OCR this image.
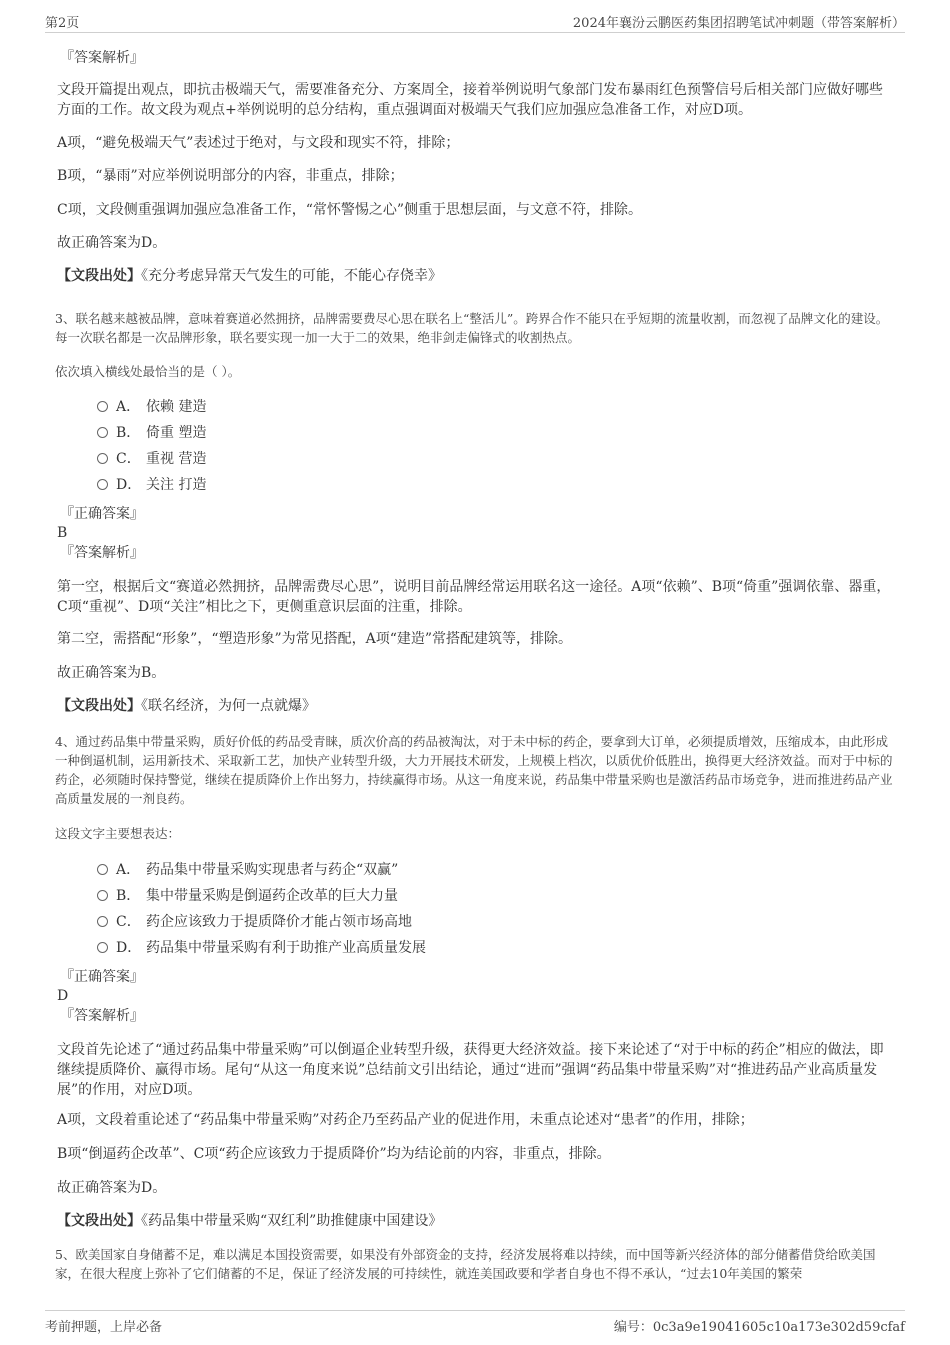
第2页	2024年襄汾云鹏医药集团招聘笔试冲刺题（带答案解析）
『答案解析』

文段开篇提出观点，即抗击极端天气，需要准备充分、方案周全，接着举例说明气象部门发布暴雨红色预警信号后相关部门应做好哪些方面的工作。故文段为观点+举例说明的总分结构，重点强调面对极端天气我们应加强应急准备工作，对应D项。

A项，“避免极端天气”表述过于绝对，与文段和现实不符，排除；

B项，“暴雨”对应举例说明部分的内容，非重点，排除；

C项，文段侧重强调加强应急准备工作，“常怀警惕之心”侧重于思想层面，与文意不符，排除。

故正确答案为D。

【文段出处】《充分考虑异常天气发生的可能，不能心存侥幸》

3、联名越来越被品牌，意味着赛道必然拥挤，品牌需要费尽心思在联名上“整活儿”。跨界合作不能只在乎短期的流量收割，而忽视了品牌文化的建设。每一次联名都是一次品牌形象，联名要实现一加一大于二的效果，绝非剑走偏锋式的收割热点。

依次填入横线处最恰当的是（ ）。
A． 依赖 建造
B． 倚重 塑造
C． 重视 营造
D． 关注 打造
『正确答案』
B
『答案解析』

第一空，根据后文“赛道必然拥挤，品牌需费尽心思”，说明目前品牌经常运用联名这一途径。A项“依赖”、B项“倚重”强调依靠、器重，C项“重视”、D项“关注”相比之下，更侧重意识层面的注重，排除。

第二空，需搭配“形象”，“塑造形象”为常见搭配，A项“建造”常搭配建筑等，排除。

故正确答案为B。

【文段出处】《联名经济，为何一点就爆》

4、通过药品集中带量采购，质好价低的药品受青睐，质次价高的药品被淘汰，对于未中标的药企，要拿到大订单，必须提质增效，压缩成本，由此形成一种倒逼机制，运用新技术、采取新工艺，加快产业转型升级，大力开展技术研发，上规模上档次，以质优价低胜出，换得更大经济效益。而对于中标的药企，必须随时保持警觉，继续在提质降价上作出努力，持续赢得市场。从这一角度来说，药品集中带量采购也是激活药品市场竞争，进而推进药品产业高质量发展的一剂良药。

这段文字主要想表达：
A． 药品集中带量采购实现患者与药企“双赢”
B． 集中带量采购是倒逼药企改革的巨大力量
C． 药企应该致力于提质降价才能占领市场高地
D． 药品集中带量采购有利于助推产业高质量发展
『正确答案』
D
『答案解析』

文段首先论述了“通过药品集中带量采购”可以倒逼企业转型升级，获得更大经济效益。接下来论述了“对于中标的药企”相应的做法，即继续提质降价、赢得市场。尾句“从这一角度来说”总结前文引出结论，通过“进而”强调“药品集中带量采购”对“推进药品产业高质量发展”的作用，对应D项。

A项，文段着重论述了“药品集中带量采购”对药企乃至药品产业的促进作用，未重点论述对“患者”的作用，排除；

B项“倒逼药企改革”、C项“药企应该致力于提质降价”均为结论前的内容，非重点，排除。

故正确答案为D。

【文段出处】《药品集中带量采购“双红利”助推健康中国建设》

5、欧美国家自身储蓄不足，难以满足本国投资需要，如果没有外部资金的支持，经济发展将难以持续，而中国等新兴经济体的部分储蓄借贷给欧美国家，在很大程度上弥补了它们储蓄的不足，保证了经济发展的可持续性，就连美国政要和学者自身也不得不承认，“过去10年美国的繁荣

考前押题，上岸必备	编号：0c3a9e19041605c10a173e302d59cfaf
